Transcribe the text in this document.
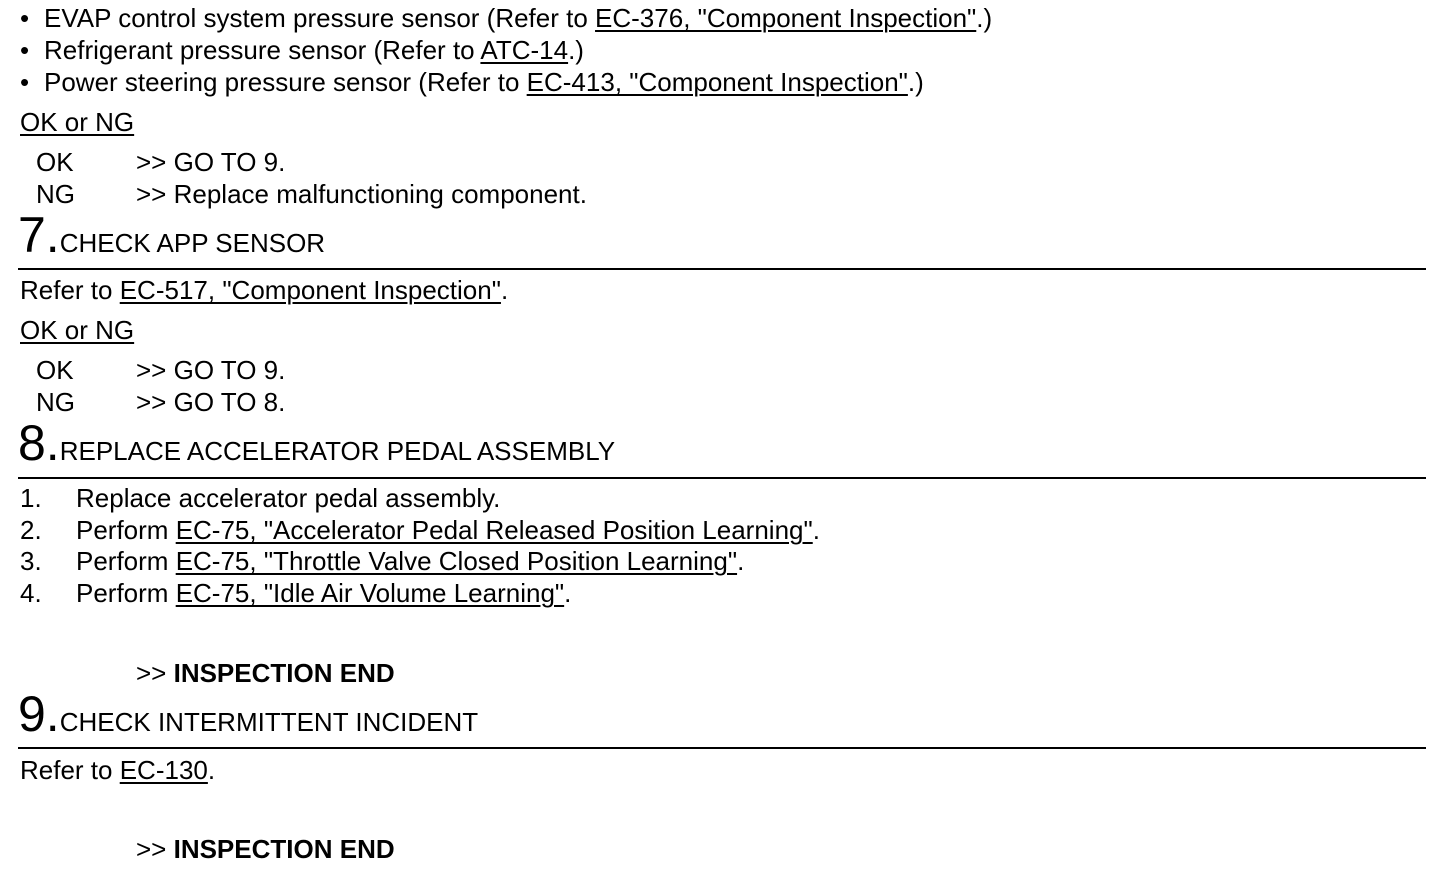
• EVAP control system pressure sensor (Refer to EC-376, "Component Inspection".)
• Refrigerant pressure sensor (Refer to ATC-14.)
• Power steering pressure sensor (Refer to EC-413, "Component Inspection".)
OK or NG
OK >> GO TO 9.
NG >> Replace malfunctioning component.
7.CHECK APP SENSOR
Refer to EC-517, "Component Inspection".
OK or NG
OK >> GO TO 9.
NG >> GO TO 8.
8.REPLACE ACCELERATOR PEDAL ASSEMBLY
1. Replace accelerator pedal assembly.
2. Perform EC-75, "Accelerator Pedal Released Position Learning".
3. Perform EC-75, "Throttle Valve Closed Position Learning".
4. Perform EC-75, "Idle Air Volume Learning".
>> INSPECTION END
9.CHECK INTERMITTENT INCIDENT
Refer to EC-130.
>> INSPECTION END
